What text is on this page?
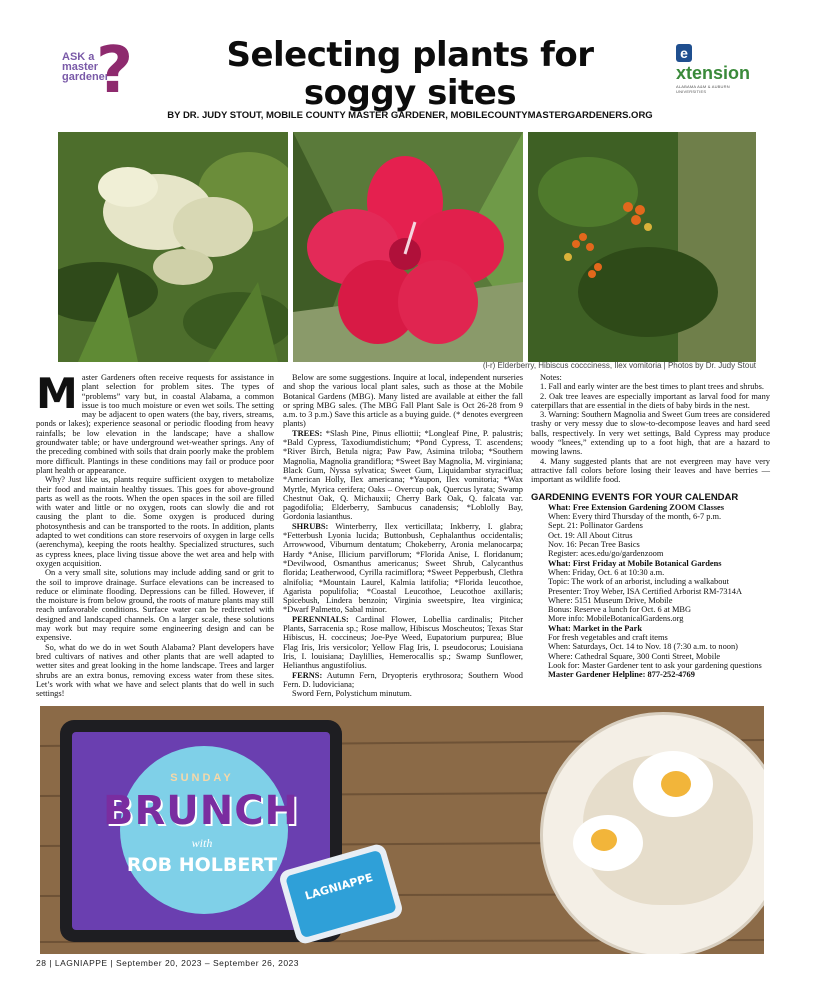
ASK a master gardener
?	extension
ALABAMA A&M & AUBURN UNIVERSITIES
Selecting plants for soggy sites
BY DR. JUDY STOUT, MOBILE COUNTY MASTER GARDENER, MOBILECOUNTYMASTERGARDENERS.ORG
(l-r) Elderberry, Hibiscus coccciness, Ilex vomitoria | Photos by Dr. Judy Stout

Master Gardeners often receive requests for assistance in plant selection for problem sites. The types of “problems” vary but, in coastal Alabama, a common issue is too much moisture or even wet soils. The setting may be adjacent to open waters (the bay, rivers, streams, ponds or lakes); experience seasonal or periodic flooding from heavy rainfalls; be low elevation in the landscape; have a shallow groundwater table; or have underground wet-weather springs. Any of the preceding combined with soils that drain poorly make the problem more difficult. Plantings in these conditions may fail or produce poor plant health or appearance.

Why? Just like us, plants require sufficient oxygen to metabolize their food and maintain healthy tissues. This goes for above-ground parts as well as the roots. When the open spaces in the soil are filled with water and little or no oxygen, roots can slowly die and rot causing the plant to die. Some oxygen is produced during photosynthesis and can be transported to the roots. In addition, plants adapted to wet conditions can store reservoirs of oxygen in large cells (aerenchyma), keeping the roots healthy. Specialized structures, such as cypress knees, place living tissue above the wet area and help with oxygen acquisition.

On a very small site, solutions may include adding sand or grit to the soil to improve drainage. Surface elevations can be increased to reduce or eliminate flooding. Depressions can be filled. However, if the moisture is from below ground, the roots of mature plants may still reach unfavorable conditions. Surface water can be redirected with designed and landscaped channels. On a larger scale, these solutions may work but may require some engineering design and can be expensive.

So, what do we do in wet South Alabama? Plant developers have bred cultivars of natives and other plants that are well adapted to wetter sites and great looking in the home landscape. Trees and larger shrubs are an extra bonus, removing excess water from these sites. Let’s work with what we have and select plants that do well in such settings!

Below are some suggestions. Inquire at local, independent nurseries and shop the various local plant sales, such as those at the Mobile Botanical Gardens (MBG). Many listed are available at either the fall or spring MBG sales. (The MBG Fall Plant Sale is Oct 26-28 from 9 a.m. to 3 p.m.) Save this article as a buying guide. (* denotes evergreen plants)

TREES: *Slash Pine, Pinus elliottii; *Longleaf Pine, P. palustris; *Bald Cypress, Taxodiumdistichum; *Pond Cypress, T. ascendens; *River Birch, Betula nigra; Paw Paw, Asimina triloba; *Southern Magnolia, Magnolia grandiflora; *Sweet Bay Magnolia, M. virginiana; Black Gum, Nyssa sylvatica; Sweet Gum, Liquidambar styraciflua; *American Holly, Ilex americana; *Yaupon, Ilex vomitoria; *Wax Myrtle, Myrica cerifera; Oaks – Overcup oak, Quercus lyrata; Swamp Chestnut Oak, Q. Michauxii; Cherry Bark Oak, Q. falcata var. pagodifolia; Elderberry, Sambucus canadensis; *Loblolly Bay, Gordonia lasianthus.

SHRUBS: Winterberry, Ilex verticillata; Inkberry, I. glabra; *Fetterbush Lyonia lucida; Buttonbush, Cephalanthus occidentalis; Arrowwood, Viburnum dentatum; Chokeberry, Aronia melanocarpa; Hardy *Anise, Illicium parviflorum; *Florida Anise, I. floridanum; *Devilwood, Osmanthus americanus; Sweet Shrub, Calycanthus florida; Leatherwood, Cyrilla racimiflora; *Sweet Pepperbush, Clethra alnifolia; *Mountain Laurel, Kalmia latifolia; *Florida leucothoe, Agarista populifolia; *Coastal Leucothoe, Leucothoe axillaris; Spicebush, Lindera benzoin; Virginia sweetspire, Itea virginica; *Dwarf Palmetto, Sabal minor.

PERENNIALS: Cardinal Flower, Lobellia cardinalis; Pitcher Plants, Sarracenia sp.; Rose mallow, Hibiscus Moscheutos; Texas Star Hibiscus, H. coccineus; Joe-Pye Weed, Eupatorium purpurea; Blue Flag Iris, Iris versicolor; Yellow Flag Iris, I. pseudocorus; Louisiana Iris, I. louisiana; Daylillies, Hemerocallis sp.; Swamp Sunflower, Helianthus angustifolius.

FERNS: Autumn Fern, Dryopteris erythrosora; Southern Wood Fern. D. ludoviciana;

Sword Fern, Polystichum minutum.

Notes:

1. Fall and early winter are the best times to plant trees and shrubs.

2. Oak tree leaves are especially important as larval food for many caterpillars that are essential in the diets of baby birds in the nest.

3. Warning: Southern Magnolia and Sweet Gum trees are considered trashy or very messy due to slow-to-decompose leaves and hard seed balls, respectively. In very wet settings, Bald Cypress may produce woody “knees,” extending up to a foot high, that are a hazard to mowing lawns.

4. Many suggested plants that are not evergreen may have very attractive fall colors before losing their leaves and have berries — important as wildlife food.

GARDENING EVENTS FOR YOUR CALENDAR

What: Free Extension Gardening ZOOM Classes

When: Every third Thursday of the month, 6-7 p.m.

Sept. 21: Pollinator Gardens

Oct. 19: All About Citrus

Nov. 16: Pecan Tree Basics

Register: aces.edu/go/gardenzoom

What: First Friday at Mobile Botanical Gardens

When: Friday, Oct. 6 at 10:30 a.m.

Topic: The work of an arborist, including a walkabout

Presenter: Troy Weber, ISA Certified Arborist RM-7314A

Where: 5151 Museum Drive, Mobile

Bonus: Reserve a lunch for Oct. 6 at MBG

More info: MobileBotanicalGardens.org

What: Market in the Park

For fresh vegetables and craft items

When: Saturdays, Oct. 14 to Nov. 18 (7:30 a.m. to noon)

Where: Cathedral Square, 300 Conti Street, Mobile

Look for: Master Gardener tent to ask your gardening questions

Master Gardener Helpline: 877-252-4769

SUNDAY
BRUNCH
with
ROB HOLBERT
LAGNIAPPE
28 | LAGNIAPPE | September 20, 2023 – September 26, 2023
